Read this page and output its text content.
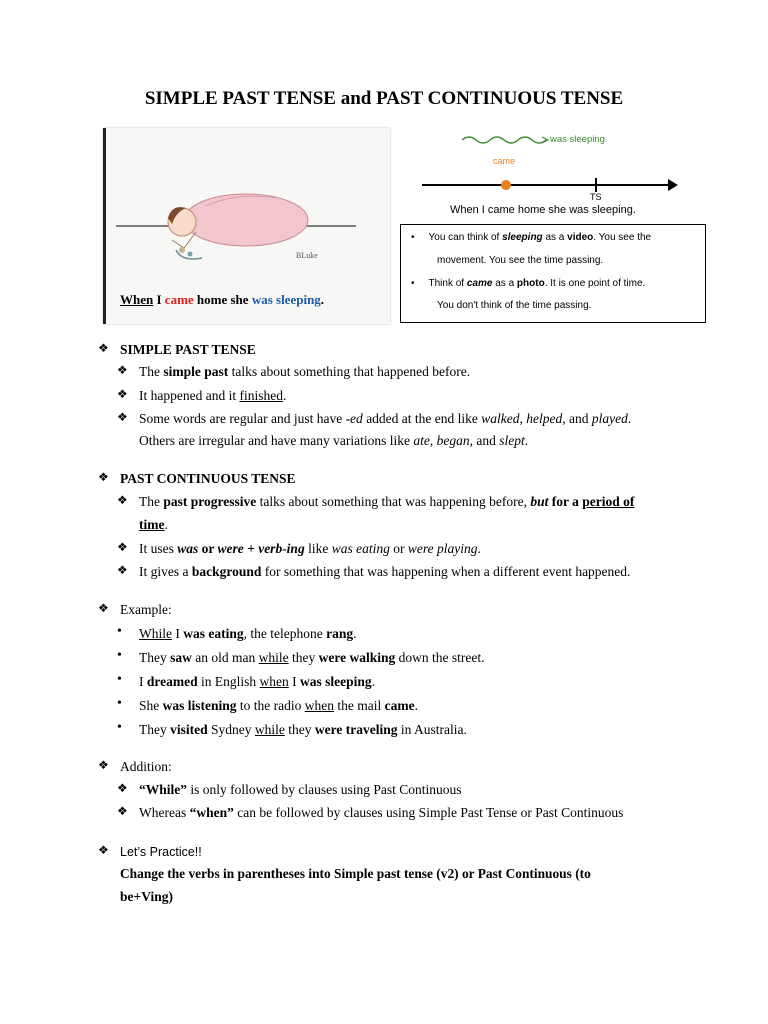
SIMPLE PAST TENSE and PAST CONTINUOUS TENSE
BLuke
When I came home she was sleeping.
was sleeping
came
TS
When I came home she was sleeping.
• You can think of sleeping as a video. You see the
movement. You see the time passing.
• Think of came as a photo. It is one point of time.
You don't think of the time passing.
❖ SIMPLE PAST TENSE
❖ The simple past talks about something that happened before.
❖ It happened and it finished.
❖ Some words are regular and just have -ed added at the end like walked, helped, and played.
Others are irregular and have many variations like ate, began, and slept.
❖ PAST CONTINUOUS TENSE
❖ The past progressive talks about something that was happening before, but for a period of
time.
❖ It uses was or were + verb-ing like was eating or were playing.
❖ It gives a background for something that was happening when a different event happened.
❖ Example:
• While I was eating, the telephone rang.
• They saw an old man while they were walking down the street.
• I dreamed in English when I was sleeping.
• She was listening to the radio when the mail came.
• They visited Sydney while they were traveling in Australia.
❖ Addition:
❖ “While” is only followed by clauses using Past Continuous
❖ Whereas “when” can be followed by clauses using Simple Past Tense or Past Continuous
❖ Let’s Practice!!
Change the verbs in parentheses into Simple past tense (v2) or Past Continuous (to
be+Ving)
